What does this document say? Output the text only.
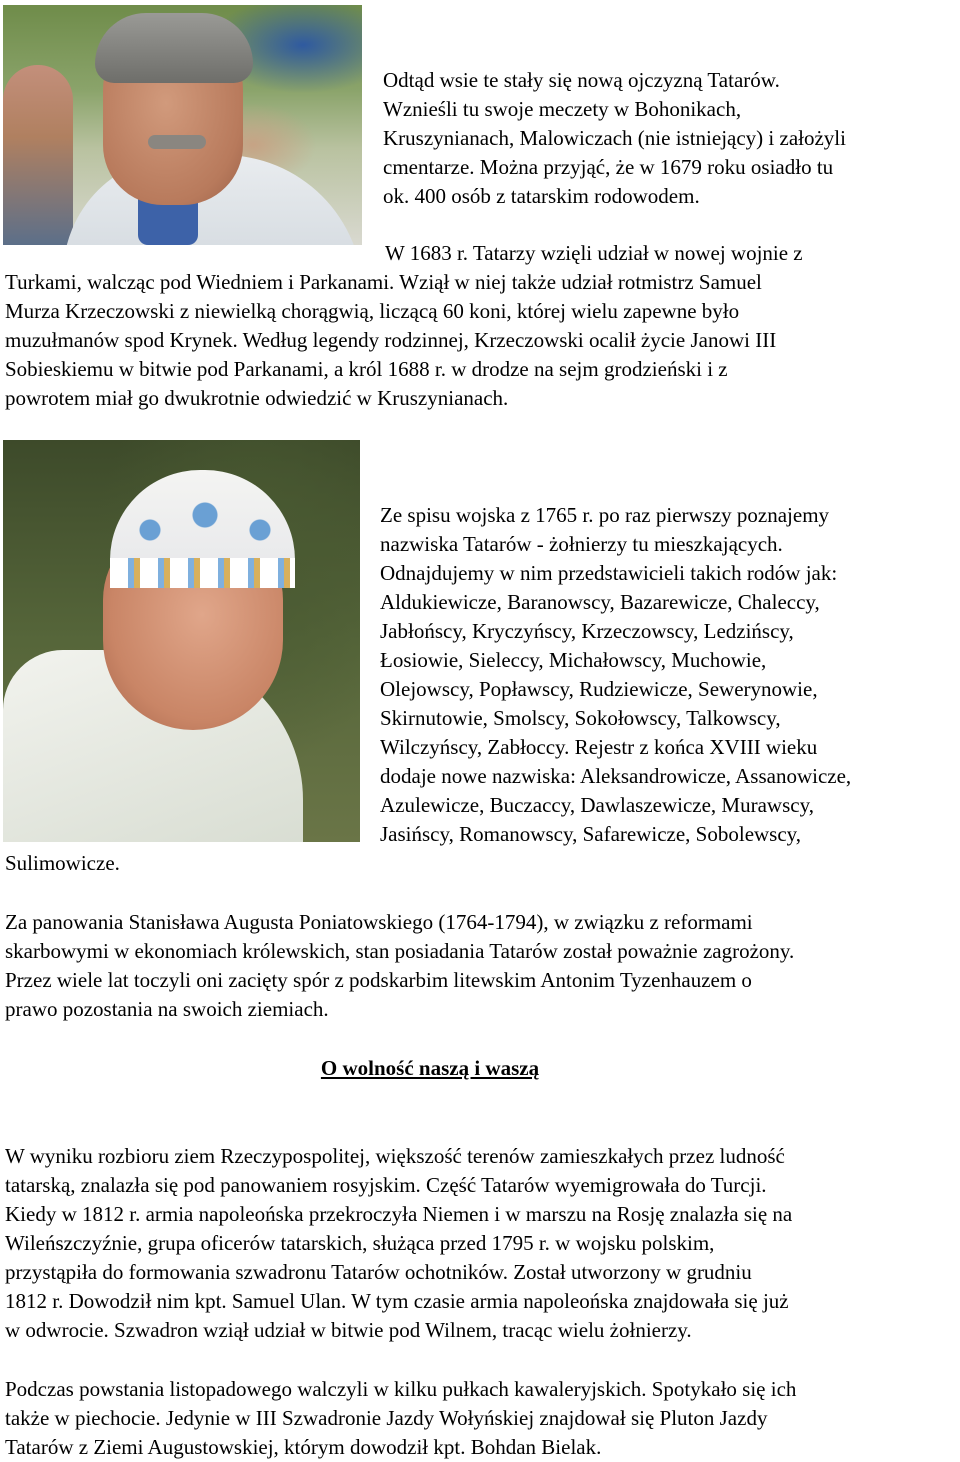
Odtąd wsie te stały się nową ojczyzną Tatarów.
Wznieśli tu swoje meczety w Bohonikach,
Kruszynianach, Malowiczach (nie istniejący) i założyli
cmentarze. Można przyjąć, że w 1679 roku osiadło tu
ok. 400 osób z tatarskim rodowodem.
W 1683 r. Tatarzy wzięli udział w nowej wojnie z
Turkami, walcząc pod Wiedniem i Parkanami. Wziął w niej także udział rotmistrz Samuel
Murza Krzeczowski z niewielką chorągwią, liczącą 60 koni, której wielu zapewne było
muzułmanów spod Krynek. Według legendy rodzinnej, Krzeczowski ocalił życie Janowi III
Sobieskiemu w bitwie pod Parkanami, a król 1688 r. w drodze na sejm grodzieński i z
powrotem miał go dwukrotnie odwiedzić w Kruszynianach.
Ze spisu wojska z 1765 r. po raz pierwszy poznajemy
nazwiska Tatarów - żołnierzy tu mieszkających.
Odnajdujemy w nim przedstawicieli takich rodów jak:
Aldukiewicze, Baranowscy, Bazarewicze, Chaleccy,
Jabłońscy, Kryczyńscy, Krzeczowscy, Ledzińscy,
Łosiowie, Sieleccy, Michałowscy, Muchowie,
Olejowscy, Popławscy, Rudziewicze, Sewerynowie,
Skirnutowie, Smolscy, Sokołowscy, Talkowscy,
Wilczyńscy, Zabłoccy. Rejestr z końca XVIII wieku
dodaje nowe nazwiska: Aleksandrowicze, Assanowicze,
Azulewicze, Buczaccy, Dawlaszewicze, Murawscy,
Jasińscy, Romanowscy, Safarewicze, Sobolewscy,
Sulimowicze.
Za panowania Stanisława Augusta Poniatowskiego (1764-1794), w związku z reformami
skarbowymi w ekonomiach królewskich, stan posiadania Tatarów został poważnie zagrożony.
Przez wiele lat toczyli oni zacięty spór z podskarbim litewskim Antonim Tyzenhauzem o
prawo pozostania na swoich ziemiach.
O wolność naszą i waszą
W wyniku rozbioru ziem Rzeczypospolitej, większość terenów zamieszkałych przez ludność
tatarską, znalazła się pod panowaniem rosyjskim. Część Tatarów wyemigrowała do Turcji.
Kiedy w 1812 r. armia napoleońska przekroczyła Niemen i w marszu na Rosję znalazła się na
Wileńszczyźnie, grupa oficerów tatarskich, służąca przed 1795 r. w wojsku polskim,
przystąpiła do formowania szwadronu Tatarów ochotników. Został utworzony w grudniu
1812 r. Dowodził nim kpt. Samuel Ulan. W tym czasie armia napoleońska znajdowała się już
w odwrocie. Szwadron wziął udział w bitwie pod Wilnem, tracąc wielu żołnierzy.
Podczas powstania listopadowego walczyli w kilku pułkach kawaleryjskich. Spotykało się ich
także w piechocie. Jedynie w III Szwadronie Jazdy Wołyńskiej znajdował się Pluton Jazdy
Tatarów z Ziemi Augustowskiej, którym dowodził kpt. Bohdan Bielak.
